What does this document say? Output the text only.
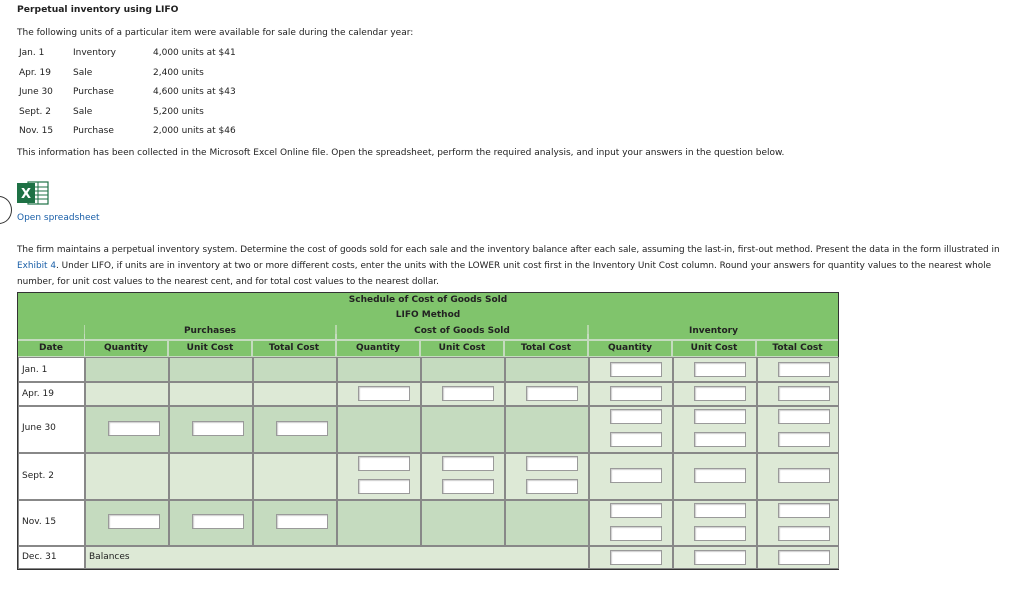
Perpetual inventory using LIFO
The following units of a particular item were available for sale during the calendar year:
Jan. 1	Inventory	4,000 units at $41
Apr. 19 Sale	2,400 units
June 30 Purchase	4,600 units at $43
Sept. 2 Sale	5,200 units
Nov. 15 Purchase	2,000 units at $46
This information has been collected in the Microsoft Excel Online file. Open the spreadsheet, perform the required analysis, and input your answers in the question below.
X
Open spreadsheet
The firm maintains a perpetual inventory system. Determine the cost of goods sold for each sale and the inventory balance after each sale, assuming the last-in, first-out method. Present the data in the form illustrated in Exhibit 4. Under LIFO, if units are in inventory at two or more different costs, enter the units with the LOWER unit cost first in the Inventory Unit Cost column. Round your answers for quantity values to the nearest whole number, for unit cost values to the nearest cent, and for total cost values to the nearest dollar.
Schedule of Cost of Goods Sold
LIFO Method
Purchases	Cost of Goods Sold	Inventory
Date	Quantity	Unit Cost	Total Cost	Quantity	Unit Cost	Total Cost	Quantity	Unit Cost	Total Cost
Jan. 1
Apr. 19
June 30
Sept. 2
Nov. 15
Dec. 31	Balances
